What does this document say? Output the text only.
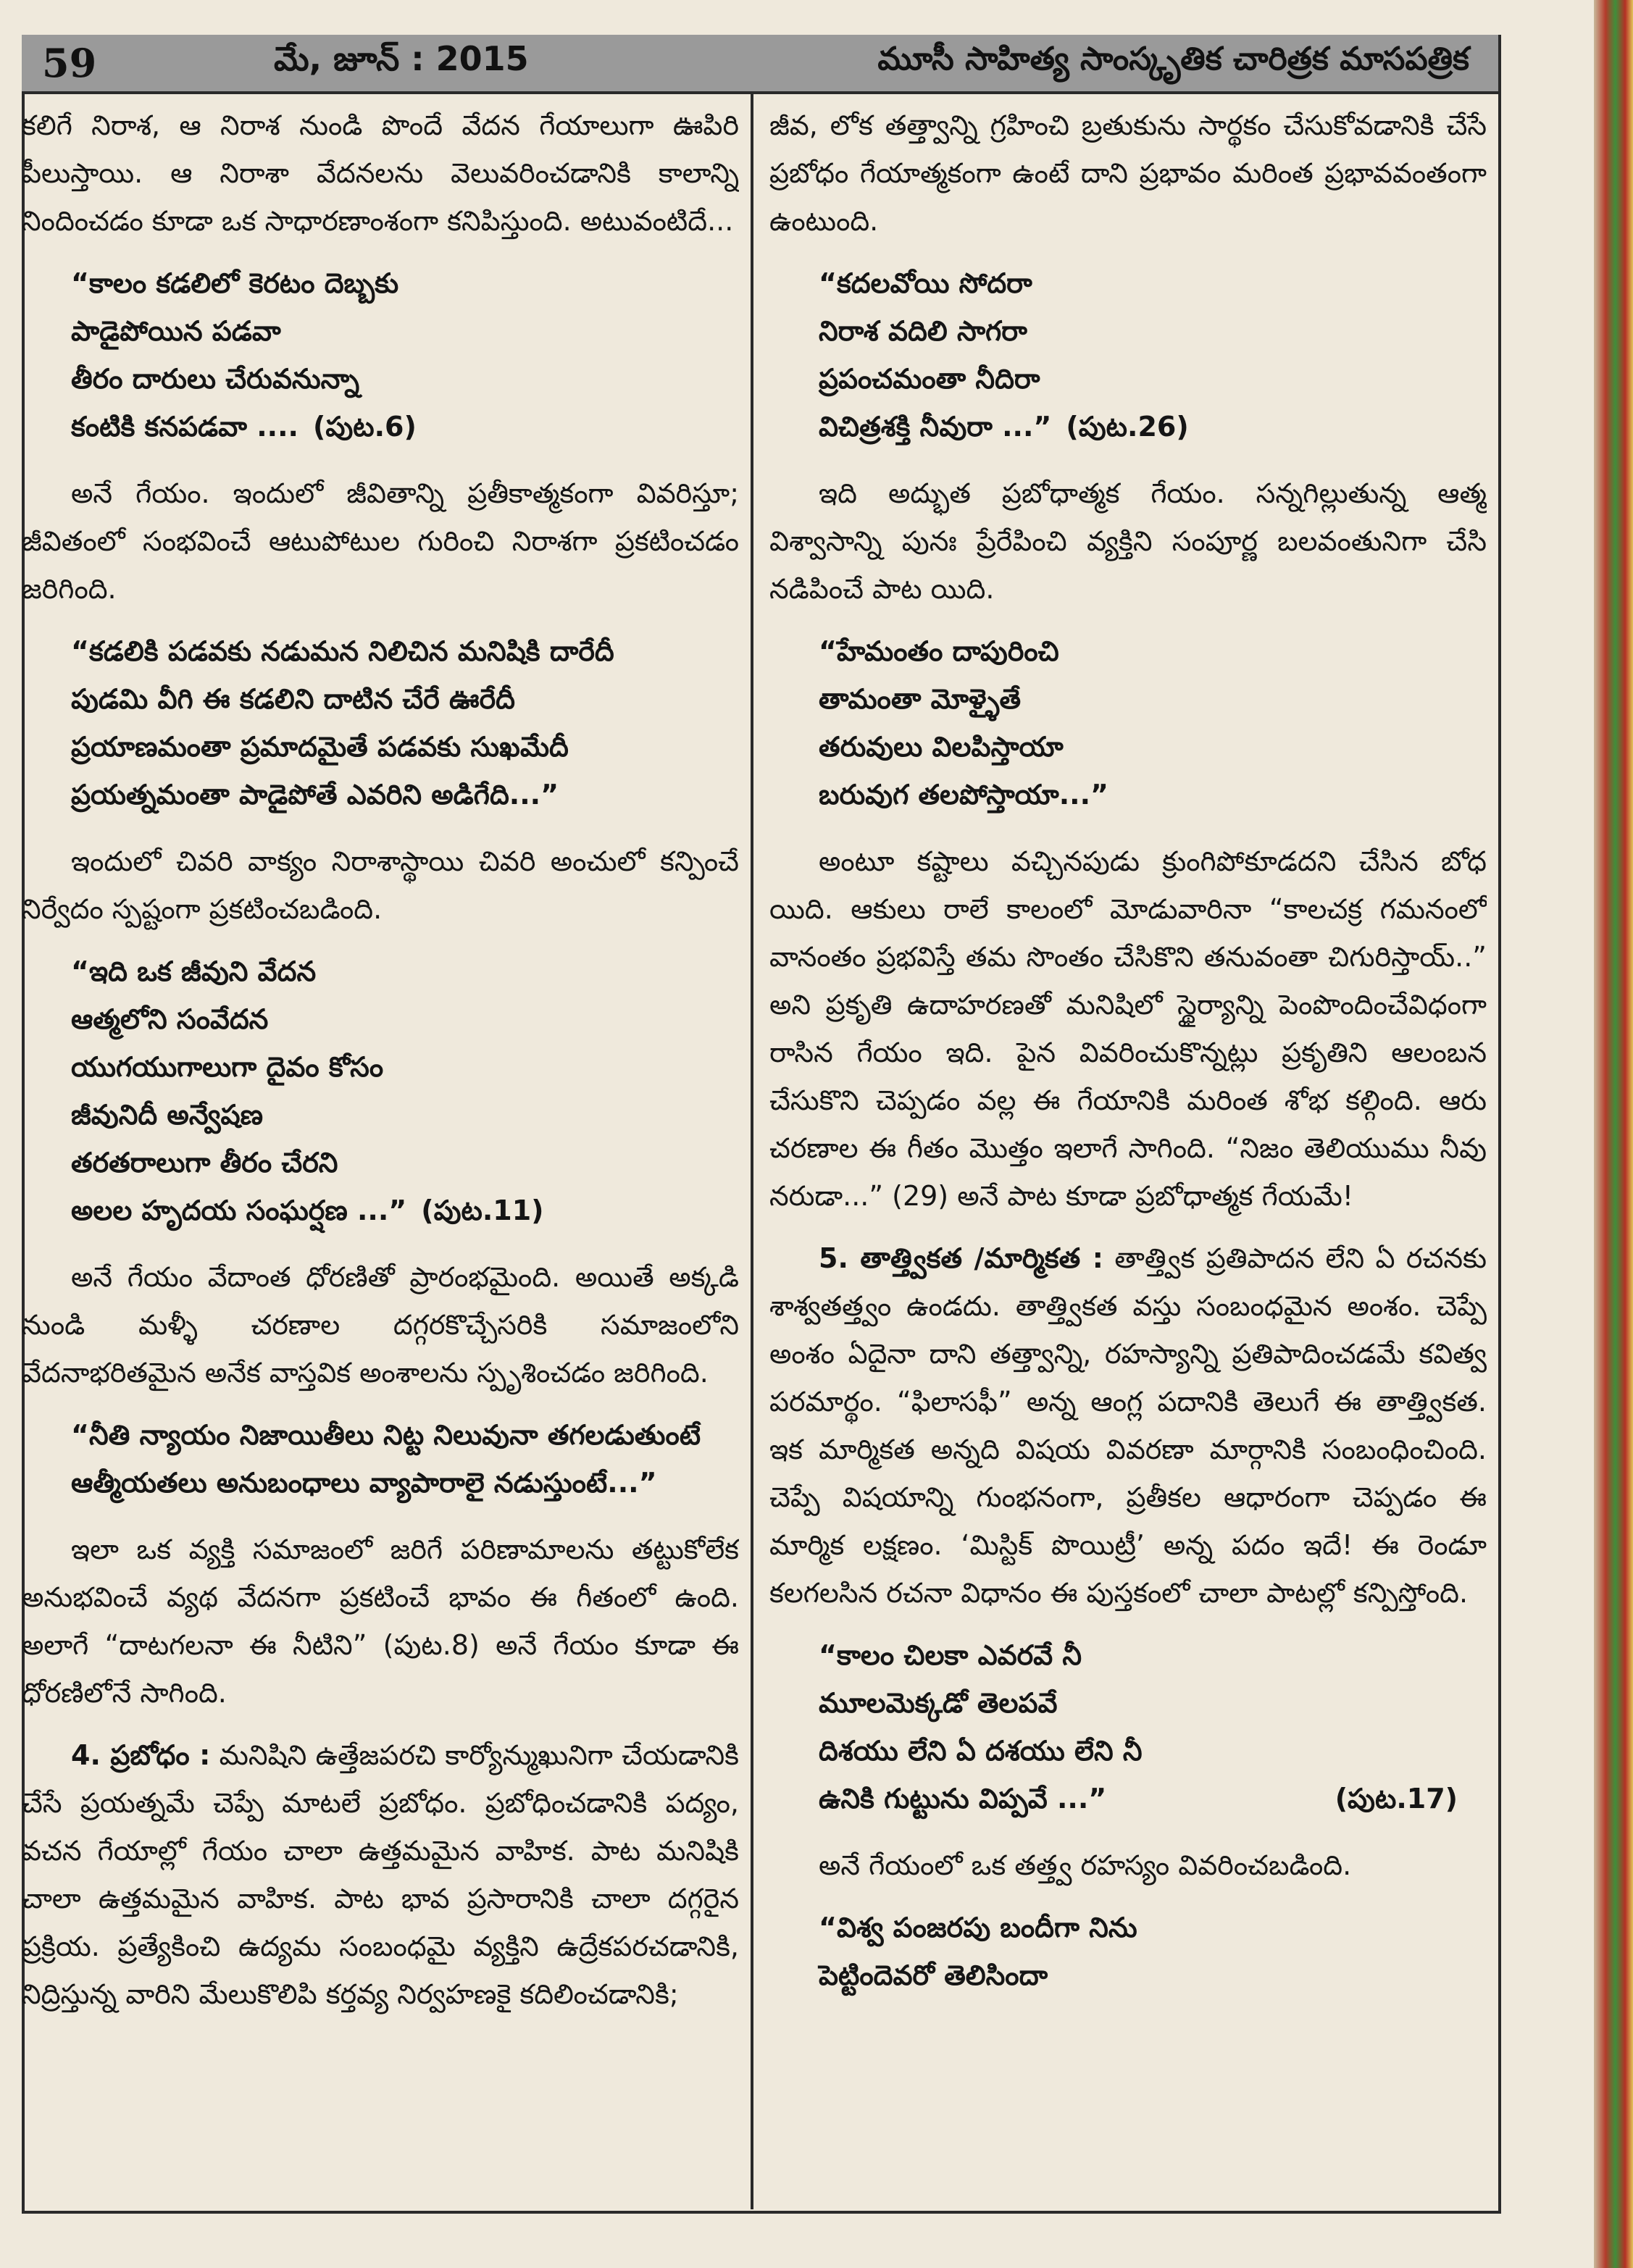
59	మే, జూన్ : 2015	మూసీ సాహిత్య సాంస్కృతిక చారిత్రక మాసపత్రిక

కలిగే నిరాశ, ఆ నిరాశ నుండి పొందే వేదన గేయాలుగా ఊపిరి పీలుస్తాయి. ఆ నిరాశా వేదనలను వెలువరించడానికి కాలాన్ని నిందించడం కూడా ఒక సాధారణాంశంగా కనిపిస్తుంది. అటువంటిదే...

“కాలం కడలిలో కెరటం దెబ్బకు
పాడైపోయిన పడవా
తీరం దారులు చేరువనున్నా
కంటికి కనపడవా .... (పుట.6)

అనే గేయం. ఇందులో జీవితాన్ని ప్రతీకాత్మకంగా వివరిస్తూ; జీవితంలో సంభవించే ఆటుపోటుల గురించి నిరాశగా ప్రకటించడం జరిగింది.

“కడలికి పడవకు నడుమన నిలిచిన మనిషికి దారేదీ
పుడమి వీగి ఈ కడలిని దాటిన చేరే ఊరేదీ
ప్రయాణమంతా ప్రమాదమైతే పడవకు సుఖమేదీ
ప్రయత్నమంతా పాడైపోతే ఎవరిని అడిగేది...”

ఇందులో చివరి వాక్యం నిరాశాస్థాయి చివరి అంచులో కన్పించే నిర్వేదం స్పష్టంగా ప్రకటించబడింది.

“ఇది ఒక జీవుని వేదన
ఆత్మలోని సంవేదన
యుగయుగాలుగా దైవం కోసం
జీవునిదీ అన్వేషణ
తరతరాలుగా తీరం చేరని
అలల హృదయ సంఘర్షణ ...” (పుట.11)

అనే గేయం వేదాంత ధోరణితో ప్రారంభమైంది. అయితే అక్కడి నుండి మళ్ళీ చరణాల దగ్గరకొచ్చేసరికి సమాజంలోని వేదనాభరితమైన అనేక వాస్తవిక అంశాలను స్పృశించడం జరిగింది.

“నీతి న్యాయం నిజాయితీలు నిట్ట నిలువునా తగలడుతుంటే
ఆత్మీయతలు అనుబంధాలు వ్యాపారాలై నడుస్తుంటే...”

ఇలా ఒక వ్యక్తి సమాజంలో జరిగే పరిణామాలను తట్టుకోలేక అనుభవించే వ్యథ వేదనగా ప్రకటించే భావం ఈ గీతంలో ఉంది. అలాగే “దాటగలనా ఈ నీటిని” (పుట.8) అనే గేయం కూడా ఈ ధోరణిలోనే సాగింది.

4. ప్రబోధం : మనిషిని ఉత్తేజపరచి కార్యోన్ముఖునిగా చేయడానికి చేసే ప్రయత్నమే చెప్పే మాటలే ప్రబోధం. ప్రబోధించడానికి పద్యం, వచన గేయాల్లో గేయం చాలా ఉత్తమమైన వాహిక. పాట మనిషికి చాలా ఉత్తమమైన వాహిక. పాట భావ ప్రసారానికి చాలా దగ్గరైన ప్రక్రియ. ప్రత్యేకించి ఉద్యమ సంబంధమై వ్యక్తిని ఉద్రేకపరచడానికి, నిద్రిస్తున్న వారిని మేలుకొలిపి కర్తవ్య నిర్వహణకై కదిలించడానికి;

జీవ, లోక తత్త్వాన్ని గ్రహించి బ్రతుకును సార్థకం చేసుకోవడానికి చేసే ప్రబోధం గేయాత్మకంగా ఉంటే దాని ప్రభావం మరింత ప్రభావవంతంగా ఉంటుంది.

“కదలవోయి సోదరా
నిరాశ వదిలి సాగరా
ప్రపంచమంతా నీదిరా
విచిత్రశక్తి నీవురా ...” (పుట.26)

ఇది అద్భుత ప్రబోధాత్మక గేయం. సన్నగిల్లుతున్న ఆత్మ విశ్వాసాన్ని పునః ప్రేరేపించి వ్యక్తిని సంపూర్ణ బలవంతునిగా చేసి నడిపించే పాట యిది.

“హేమంతం దాపురించి
తామంతా మోళ్ళైతే
తరువులు విలపిస్తాయా
బరువుగ తలపోస్తాయా...”

అంటూ కష్టాలు వచ్చినపుడు క్రుంగిపోకూడదని చేసిన బోధ యిది. ఆకులు రాలే కాలంలో మోడువారినా “కాలచక్ర గమనంలో వానంతం ప్రభవిస్తే తమ సొంతం చేసికొని తనువంతా చిగురిస్తాయ్..” అని ప్రకృతి ఉదాహరణతో మనిషిలో స్థైర్యాన్ని పెంపొందించేవిధంగా రాసిన గేయం ఇది. పైన వివరించుకొన్నట్లు ప్రకృతిని ఆలంబన చేసుకొని చెప్పడం వల్ల ఈ గేయానికి మరింత శోభ కల్గింది. ఆరు చరణాల ఈ గీతం మొత్తం ఇలాగే సాగింది. “నిజం తెలియుము నీవు నరుడా...” (29) అనే పాట కూడా ప్రబోధాత్మక గేయమే!

5. తాత్త్వికత /మార్మికత : తాత్త్విక ప్రతిపాదన లేని ఏ రచనకు శాశ్వతత్త్వం ఉండదు. తాత్త్వికత వస్తు సంబంధమైన అంశం. చెప్పే అంశం ఏదైనా దాని తత్త్వాన్ని, రహస్యాన్ని ప్రతిపాదించడమే కవిత్వ పరమార్థం. “ఫిలాసఫీ” అన్న ఆంగ్ల పదానికి తెలుగే ఈ తాత్త్వికత. ఇక మార్మికత అన్నది విషయ వివరణా మార్గానికి సంబంధించింది. చెప్పే విషయాన్ని గుంభనంగా, ప్రతీకల ఆధారంగా చెప్పడం ఈ మార్మిక లక్షణం. ‘మిస్టిక్ పొయిట్రీ’ అన్న పదం ఇదే! ఈ రెండూ కలగలసిన రచనా విధానం ఈ పుస్తకంలో చాలా పాటల్లో కన్పిస్తోంది.

“కాలం చిలకా ఎవరవే నీ
మూలమెక్కడో తెలపవే
దిశయు లేని ఏ దశయు లేని నీ
ఉనికి గుట్టును విప్పవే ...”	(పుట.17)

అనే గేయంలో ఒక తత్త్వ రహస్యం వివరించబడింది.

“విశ్వ పంజరపు బందీగా నిను
పెట్టిందెవరో తెలిసిందా
